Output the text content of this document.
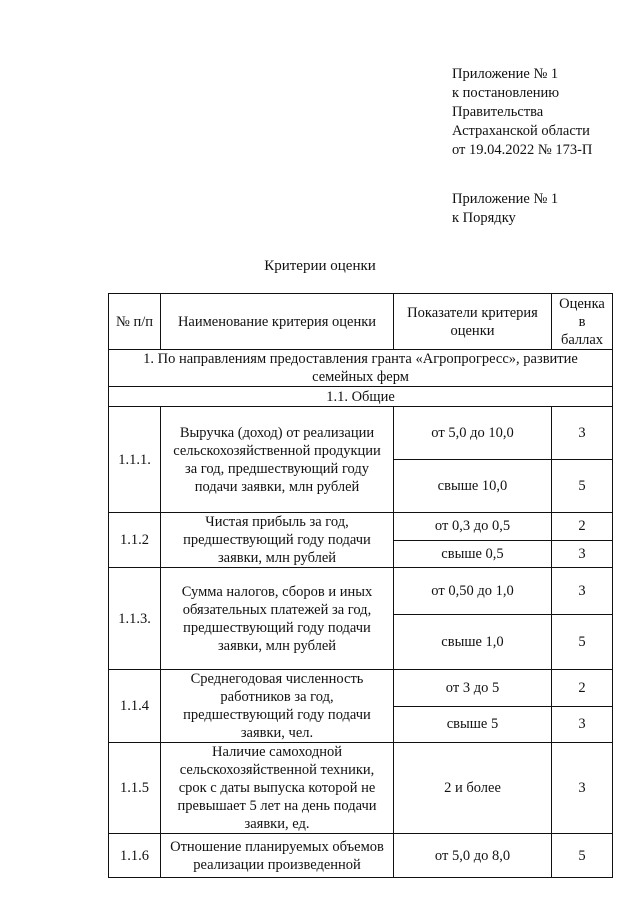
Приложение № 1
к постановлению
Правительства
Астраханской области
от 19.04.2022 № 173-П
Приложение № 1
к Порядку
Критерии оценки
№ п/п	Наименование критерия оценки	Показатели критерия оценки	Оценка в баллах
1. По направлениям предоставления гранта «Агропрогресс», развитие семейных ферм			
1.1. Общие			
1.1.1.	Выручка (доход) от реализации сельскохозяйственной продукции за год, предшествующий году подачи заявки, млн рублей	от 5,0 до 10,0	3
		свыше 10,0	5
1.1.2	Чистая прибыль за год, предшествующий году подачи заявки, млн рублей	от 0,3 до 0,5	2
		свыше 0,5	3
1.1.3.	Сумма налогов, сборов и иных обязательных платежей за год, предшествующий году подачи заявки, млн рублей	от 0,50 до 1,0	3
		свыше 1,0	5
1.1.4	Среднегодовая численность работников за год, предшествующий году подачи заявки, чел.	от 3 до 5	2
		свыше 5	3
1.1.5	Наличие самоходной сельскохозяйственной техники, срок с даты выпуска которой не превышает 5 лет на день подачи заявки, ед.	2 и более	3
1.1.6	Отношение планируемых объемов реализации произведенной	от 5,0 до 8,0	5
